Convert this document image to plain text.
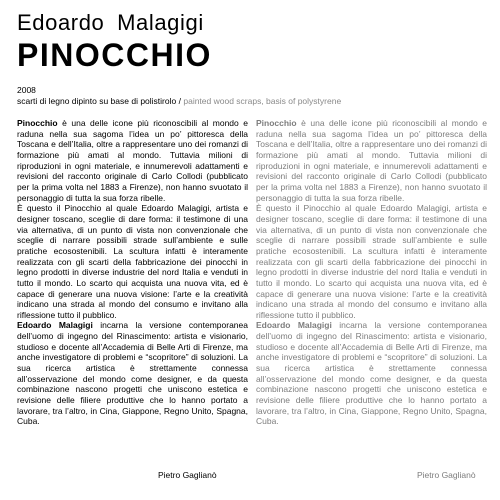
Edoardo Malagigi
PINOCCHIO
2008
scarti di legno dipinto su base di polistirolo / painted wood scraps, basis of polystyrene

Pinocchio è una delle icone più riconoscibili al mondo e raduna nella sua sagoma l’idea un po’ pittoresca della Toscana e dell’Italia, oltre a rappresentare uno dei romanzi di formazione più amati al mondo. Tuttavia milioni di riproduzioni in ogni materiale, e innumerevoli adattamenti e revisioni del racconto originale di Carlo Collodi (pubblicato per la prima volta nel 1883 a Firenze), non hanno svuotato il personaggio di tutta la sua forza ribelle.

È questo il Pinocchio al quale Edoardo Malagigi, artista e designer toscano, sceglie di dare forma: il testimone di una via alternativa, di un punto di vista non convenzionale che sceglie di narrare possibili strade sull’ambiente e sulle pratiche ecosostenibili. La scultura infatti è interamente realizzata con gli scarti della fabbricazione dei pinocchi in legno prodotti in diverse industrie del nord Italia e venduti in tutto il mondo. Lo scarto qui acquista una nuova vita, ed è capace di generare una nuova visione: l’arte e la creatività indicano una strada al mondo del consumo e invitano alla riflessione tutto il pubblico.

Edoardo Malagigi incarna la versione contemporanea dell’uomo di ingegno del Rinascimento: artista e visionario, studioso e docente all’Accademia di Belle Arti di Firenze, ma anche investigatore di problemi e “scopritore” di soluzioni. La sua ricerca artistica è strettamente connessa all’osservazione del mondo come designer, e da questa combinazione nascono progetti che uniscono estetica e revisione delle filiere produttive che lo hanno portato a lavorare, tra l’altro, in Cina, Giappone, Regno Unito, Spagna, Cuba.

Pinocchio è una delle icone più riconoscibili al mondo e raduna nella sua sagoma l’idea un po’ pittoresca della Toscana e dell’Italia, oltre a rappresentare uno dei romanzi di formazione più amati al mondo. Tuttavia milioni di riproduzioni in ogni materiale, e innumerevoli adattamenti e revisioni del racconto originale di Carlo Collodi (pubblicato per la prima volta nel 1883 a Firenze), non hanno svuotato il personaggio di tutta la sua forza ribelle.

È questo il Pinocchio al quale Edoardo Malagigi, artista e designer toscano, sceglie di dare forma: il testimone di una via alternativa, di un punto di vista non convenzionale che sceglie di narrare possibili strade sull’ambiente e sulle pratiche ecosostenibili. La scultura infatti è interamente realizzata con gli scarti della fabbricazione dei pinocchi in legno prodotti in diverse industrie del nord Italia e venduti in tutto il mondo. Lo scarto qui acquista una nuova vita, ed è capace di generare una nuova visione: l’arte e la creatività indicano una strada al mondo del consumo e invitano alla riflessione tutto il pubblico.

Edoardo Malagigi incarna la versione contemporanea dell’uomo di ingegno del Rinascimento: artista e visionario, studioso e docente all’Accademia di Belle Arti di Firenze, ma anche investigatore di problemi e “scopritore” di soluzioni. La sua ricerca artistica è strettamente connessa all’osservazione del mondo come designer, e da questa combinazione nascono progetti che uniscono estetica e revisione delle filiere produttive che lo hanno portato a lavorare, tra l’altro, in Cina, Giappone, Regno Unito, Spagna, Cuba.

Pietro Gaglianò	Pietro Gaglianò
